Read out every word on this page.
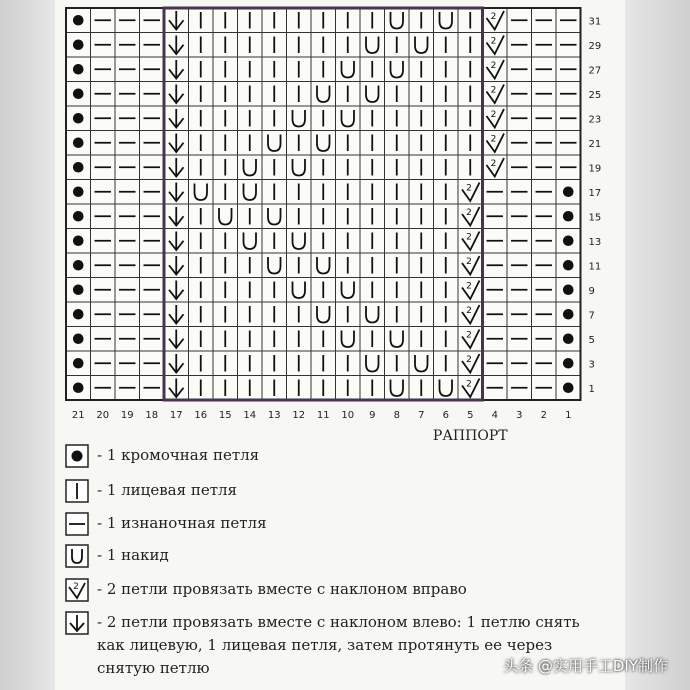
2
2
2
2
2
2
2
2
2
2
2
2
2
2
2
2
31
29
27
25
23
21
19
17
15
13
11
9
7
5
3
1
21 20 19 18 17 16 15 14 13 12 11 10 9 8 7 6 5 4 3 2 1
РАППОРТ
- 1 кромочная петля
- 1 лицевая петля
- 1 изнаночная петля
- 1 накид
2 - 2 петли провязать вместе с наклоном вправо
- 2 петли провязать вместе с наклоном влево: 1 петлю снять как лицевую, 1 лицевая петля, затем протянуть ее через снятую петлю	头条 @实用手工DIY制作
